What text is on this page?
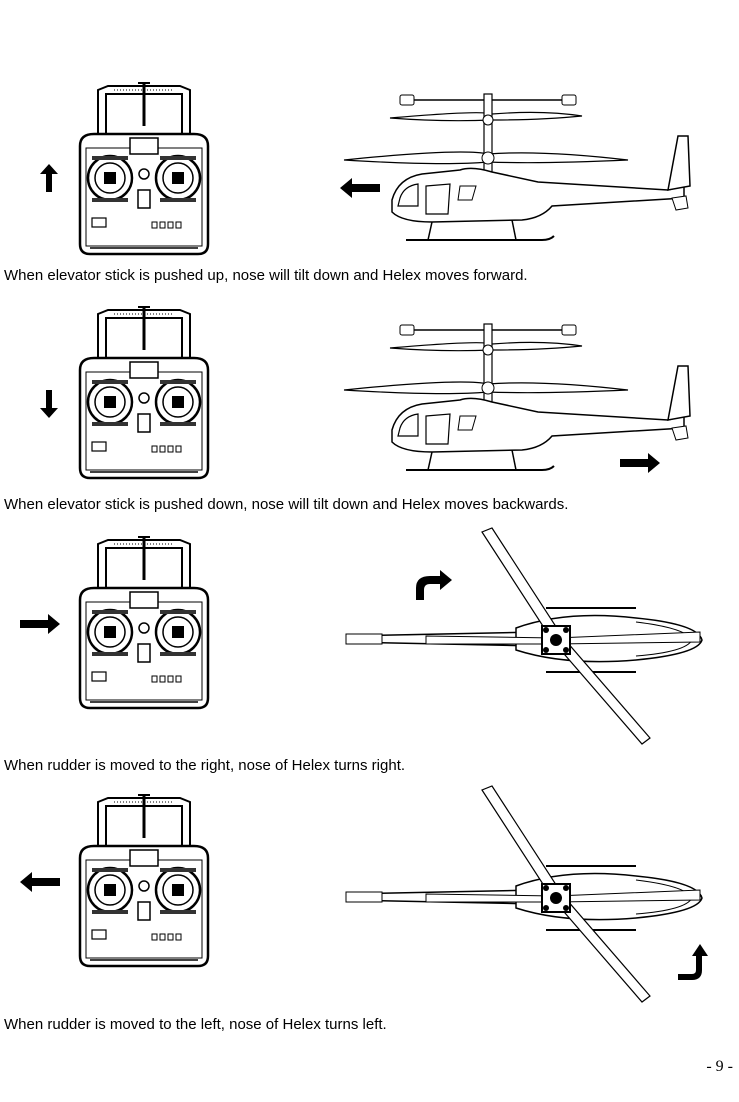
When elevator stick is pushed up, nose will tilt down and Helex moves forward.
When elevator stick is pushed down, nose will tilt down and Helex moves backwards.
When rudder is moved to the right, nose of Helex turns right.
When rudder is moved to the left, nose of Helex turns left.
- 9 -
